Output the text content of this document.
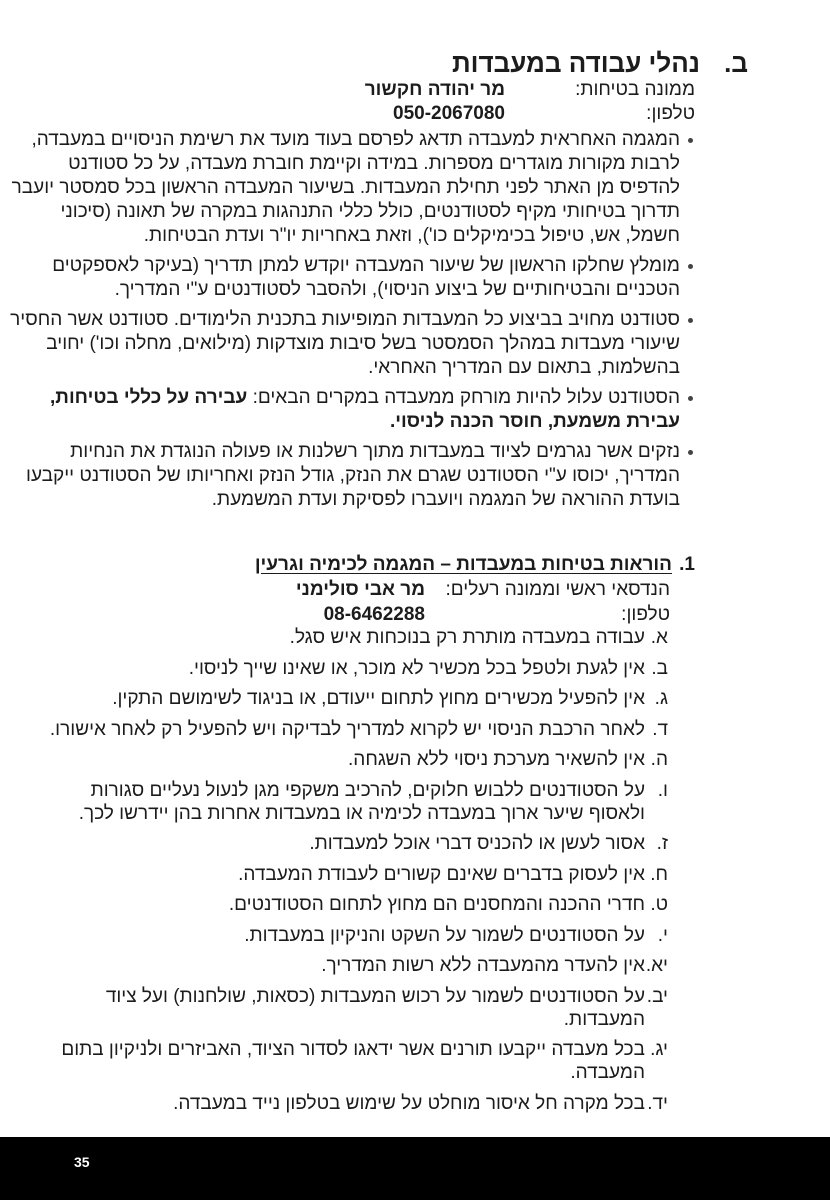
ב.נהלי עבודה במעבדות
ממונה בטיחות:
מר יהודה חקשור
טלפון:
050-2067080
המגמה האחראית למעבדה תדאג לפרסם בעוד מועד את רשימת הניסויים במעבדה,
לרבות מקורות מוגדרים מספרות. במידה וקיימת חוברת מעבדה, על כל סטודנט
להדפיס מן האתר לפני תחילת המעבדות. בשיעור המעבדה הראשון בכל סמסטר יועבר
תדרוך בטיחותי מקיף לסטודנטים, כולל כללי התנהגות במקרה של תאונה (סיכוני
חשמל, אש, טיפול בכימיקלים כו'), וזאת באחריות יו"ר ועדת הבטיחות.
מומלץ שחלקו הראשון של שיעור המעבדה יוקדש למתן תדריך (בעיקר לאספקטים
הטכניים והבטיחותיים של ביצוע הניסוי), ולהסבר לסטודנטים ע"י המדריך.
סטודנט מחויב בביצוע כל המעבדות המופיעות בתכנית הלימודים. סטודנט אשר החסיר
שיעורי מעבדות במהלך הסמסטר בשל סיבות מוצדקות (מילואים, מחלה וכו') יחויב
בהשלמות, בתאום עם המדריך האחראי.
הסטודנט עלול להיות מורחק ממעבדה במקרים הבאים: עבירה על כללי בטיחות,
עבירת משמעת, חוסר הכנה לניסוי.
נזקים אשר נגרמים לציוד במעבדות מתוך רשלנות או פעולה הנוגדת את הנחיות
המדריך, יכוסו ע"י הסטודנט שגרם את הנזק, גודל הנזק ואחריותו של הסטודנט ייקבעו
בועדת ההוראה של המגמה ויועברו לפסיקת ועדת המשמעת.
1.הוראות בטיחות במעבדות – המגמה לכימיה וגרעין
הנדסאי ראשי וממונה רעלים:
מר אבי סולימני
טלפון:
08-6462288
א.
עבודה במעבדה מותרת רק בנוכחות איש סגל.
ב.
אין לגעת ולטפל בכל מכשיר לא מוכר, או שאינו שייך לניסוי.
ג.
אין להפעיל מכשירים מחוץ לתחום ייעודם, או בניגוד לשימושם התקין.
ד.
לאחר הרכבת הניסוי יש לקרוא למדריך לבדיקה ויש להפעיל רק לאחר אישורו.
ה.
אין להשאיר מערכת ניסוי ללא השגחה.
ו.
על הסטודנטים ללבוש חלוקים, להרכיב משקפי מגן לנעול נעליים סגורות
ולאסוף שיער ארוך במעבדה לכימיה או במעבדות אחרות בהן יידרשו לכך.
ז.
אסור לעשן או להכניס דברי אוכל למעבדות.
ח.
אין לעסוק בדברים שאינם קשורים לעבודת המעבדה.
ט.
חדרי ההכנה והמחסנים הם מחוץ לתחום הסטודנטים.
י.
על הסטודנטים לשמור על השקט והניקיון במעבדות.
יא.
אין להעדר מהמעבדה ללא רשות המדריך.
יב.
על הסטודנטים לשמור על רכוש המעבדות (כסאות, שולחנות) ועל ציוד
המעבדות.
יג.
בכל מעבדה ייקבעו תורנים אשר ידאגו לסדור הציוד, האביזרים ולניקיון בתום
המעבדה.
יד.
בכל מקרה חל איסור מוחלט על שימוש בטלפון נייד במעבדה.
35
